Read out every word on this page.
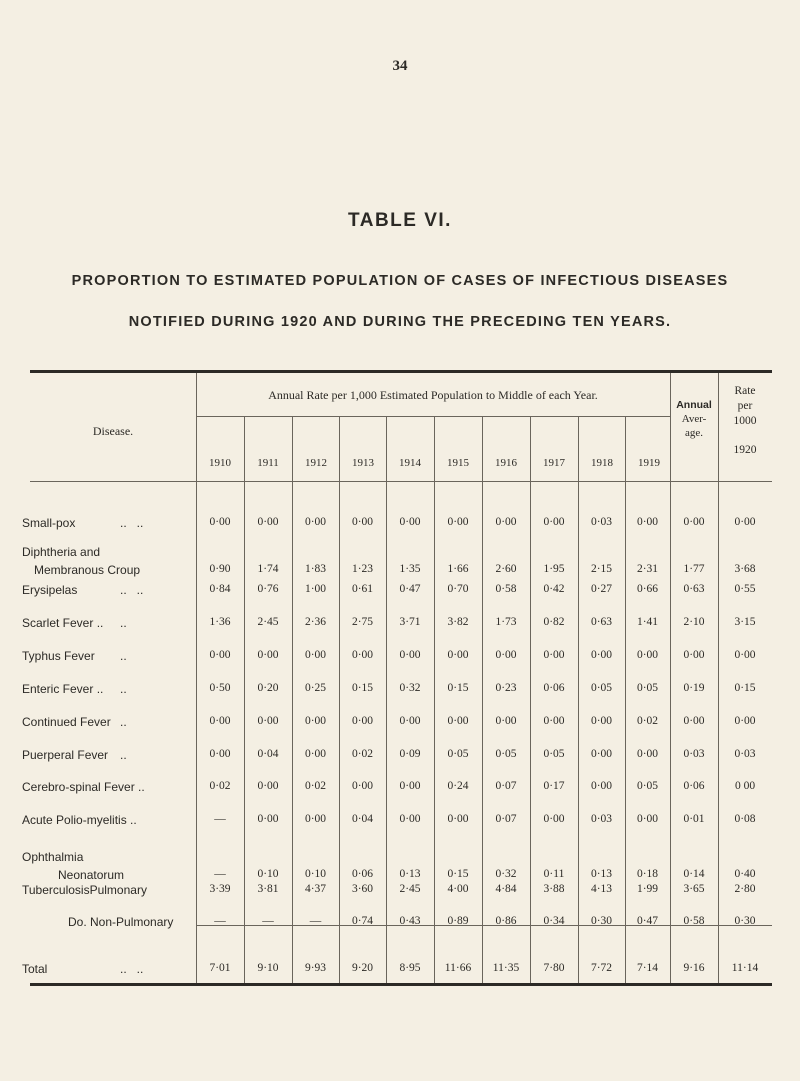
34
TABLE VI.
PROPORTION TO ESTIMATED POPULATION OF CASES OF INFECTIOUS DISEASES
NOTIFIED DURING 1920 AND DURING THE PRECEDING TEN YEARS.
Disease.
Annual Rate per 1,000 Estimated Population to Middle of each Year.
Annual
Aver-
age.
Rate
per
1000
1920
1910	1911	1912	1913	1914	1915	1916	1917	1918	1919
Small-pox	..   ..	0·00	0·00	0·00	0·00	0·00	0·00	0·00	0·00	0·03	0·00	0·00	0·00
Diphtheria and
Membranous Croup	0·90	1·74	1·83	1·23	1·35	1·66	2·60	1·95	2·15	2·31	1·77	3·68
Erysipelas	..   ..	0·84	0·76	1·00	0·61	0·47	0·70	0·58	0·42	0·27	0·66	0·63	0·55
Scarlet Fever .. ..	1·36	2·45	2·36	2·75	3·71	3·82	1·73	0·82	0·63	1·41	2·10	3·15
Typhus Fever ..	0·00	0·00	0·00	0·00	0·00	0·00	0·00	0·00	0·00	0·00	0·00	0·00
Enteric Fever .. ..	0·50	0·20	0·25	0·15	0·32	0·15	0·23	0·06	0·05	0·05	0·19	0·15
Continued Fever ..	0·00	0·00	0·00	0·00	0·00	0·00	0·00	0·00	0·00	0·02	0·00	0·00
Puerperal Fever ..	0·00	0·04	0·00	0·02	0·09	0·05	0·05	0·05	0·00	0·00	0·03	0·03
Cerebro-spinal Fever ..	0·02	0·00	0·02	0·00	0·00	0·24	0·07	0·17	0·00	0·05	0·06	0 00
Acute Polio-myelitis ..	—	0·00	0·00	0·04	0·00	0·00	0·07	0·00	0·03	0·00	0·01	0·08
Ophthalmia
Neonatorum	—	0·10	0·10	0·06	0·13	0·15	0·32	0·11	0·13	0·18	0·14	0·40
TuberculosisPulmonary	3·39	3·81	4·37	3·60	2·45	4·00	4·84	3·88	4·13	1·99	3·65	2·80
Do. Non-Pulmonary	—	—	—	0·74	0·43	0·89	0·86	0·34	0·30	0·47	0·58	0·30
Total	..   ..	7·01	9·10	9·93	9·20	8·95	11·66	11·35	7·80	7·72	7·14	9·16	11·14
